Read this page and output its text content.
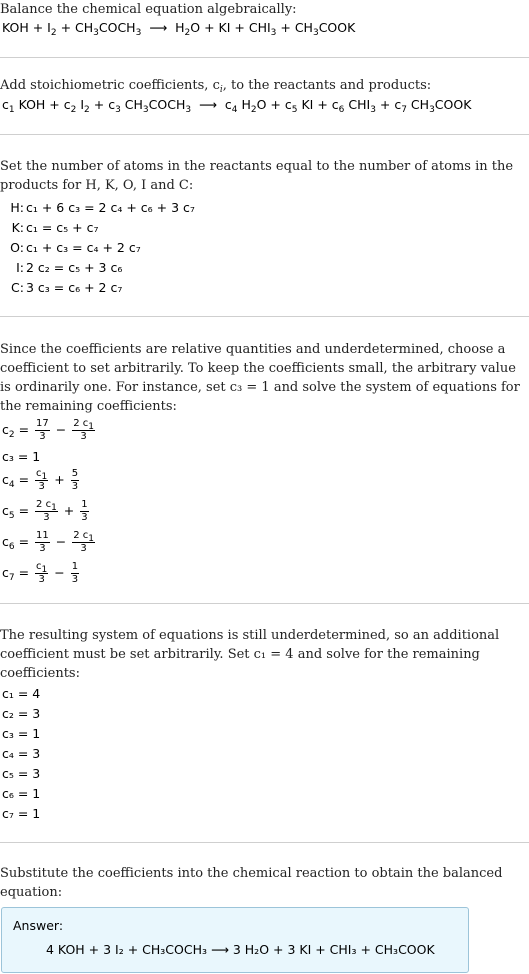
Balance the chemical equation algebraically:
KOH + $I_2$ + $CH_3COCH_3$  ⟶  $H_2O$ + KI + $CHI_3$ + $CH_3COOK$
Add stoichiometric coefficients, $c_i$, to the reactants and products:
$c_1$ KOH + $c_2$ $I_2 + c_3$ $CH_3COCH_3$  ⟶  $c_4$ $H_2O + c_5$ KI + $c_6$ $CHI_3 + c_7$ $CH_3COOK$
Set the number of atoms in the reactants equal to the number of atoms in the products for H, K, O, I and C:
H: c₁ + 6 c₃ = 2 c₄ + c₆ + 3 c₇
K: c₁ = c₅ + c₇
O: c₁ + c₃ = c₄ + 2 c₇
I: 2 c₂ = c₅ + 3 c₆
C: 3 c₃ = c₆ + 2 c₇
Since the coefficients are relative quantities and underdetermined, choose a coefficient to set arbitrarily. To keep the coefficients small, the arbitrary value is ordinarily one. For instance, set c₃ = 1 and solve the system of equations for the remaining coefficients:
$c_2 = \frac{17}{3} - \frac{2 c_1}{3}$
c₃ = 1
$c_4 = \frac{c_1}{3} + \frac{5}{3}$
$c_5 = \frac{2 c_1}{3} + \frac{1}{3}$
$c_6 = \frac{11}{3} - \frac{2 c_1}{3}$
$c_7 = \frac{c_1}{3} - \frac{1}{3}$
The resulting system of equations is still underdetermined, so an additional coefficient must be set arbitrarily. Set c₁ = 4 and solve for the remaining coefficients:
c₁ = 4
c₂ = 3
c₃ = 1
c₄ = 3
c₅ = 3
c₆ = 1
c₇ = 1
Substitute the coefficients into the chemical reaction to obtain the balanced equation:
Answer:
4 KOH + 3 I₂ + CH₃COCH₃ ⟶ 3 H₂O + 3 KI + CHI₃ + CH₃COOK
